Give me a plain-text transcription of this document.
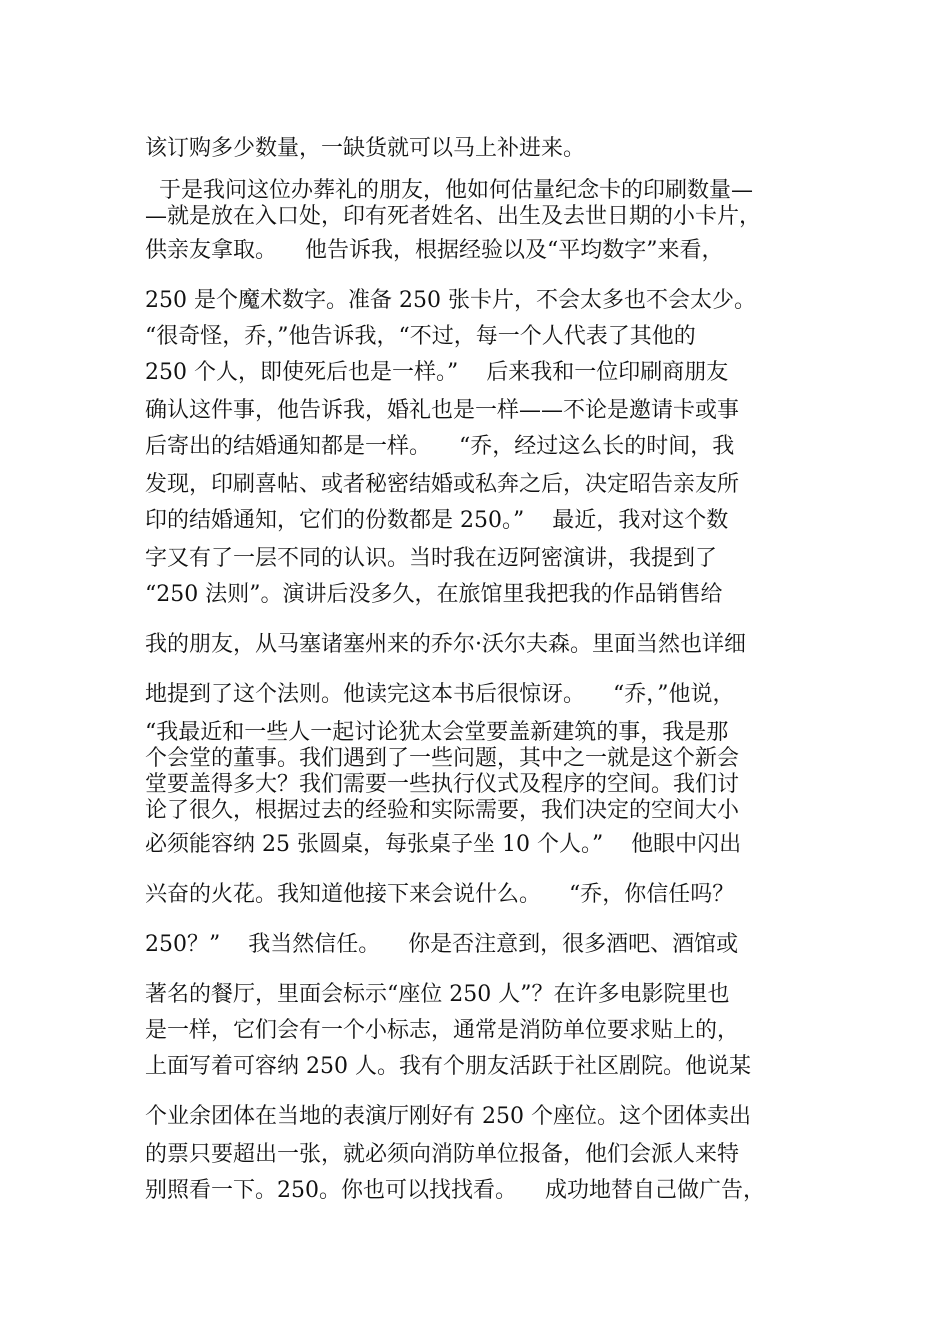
该订购多少数量，一缺货就可以马上补进来。
于是我问这位办葬礼的朋友，他如何估量纪念卡的印刷数量—
—就是放在入口处，印有死者姓名、出生及去世日期的小卡片，
供亲友拿取。    他告诉我，根据经验以及“平均数字”来看，
250 是个魔术数字。准备 250 张卡片，不会太多也不会太少。
“很奇怪，乔，”他告诉我，“不过，每一个人代表了其他的
250 个人，即使死后也是一样。”    后来我和一位印刷商朋友
确认这件事，他告诉我，婚礼也是一样——不论是邀请卡或事
后寄出的结婚通知都是一样。    “乔，经过这么长的时间，我
发现，印刷喜帖、或者秘密结婚或私奔之后，决定昭告亲友所
印的结婚通知，它们的份数都是 250。”    最近，我对这个数
字又有了一层不同的认识。当时我在迈阿密演讲，我提到了
“250 法则”。演讲后没多久，在旅馆里我把我的作品销售给
我的朋友，从马塞诸塞州来的乔尔·沃尔夫森。里面当然也详细
地提到了这个法则。他读完这本书后很惊讶。    “乔，”他说，
“我最近和一些人一起讨论犹太会堂要盖新建筑的事，我是那
个会堂的董事。我们遇到了一些问题，其中之一就是这个新会
堂要盖得多大？我们需要一些执行仪式及程序的空间。我们讨
论了很久，根据过去的经验和实际需要，我们决定的空间大小
必须能容纳 25 张圆桌，每张桌子坐 10 个人。”    他眼中闪出
兴奋的火花。我知道他接下来会说什么。    “乔，你信任吗？
250？”    我当然信任。    你是否注意到，很多酒吧、酒馆或
著名的餐厅，里面会标示“座位 250 人”？在许多电影院里也
是一样，它们会有一个小标志，通常是消防单位要求贴上的，
上面写着可容纳 250 人。我有个朋友活跃于社区剧院。他说某
个业余团体在当地的表演厅刚好有 250 个座位。这个团体卖出
的票只要超出一张，就必须向消防单位报备，他们会派人来特
别照看一下。250。你也可以找找看。    成功地替自己做广告，
